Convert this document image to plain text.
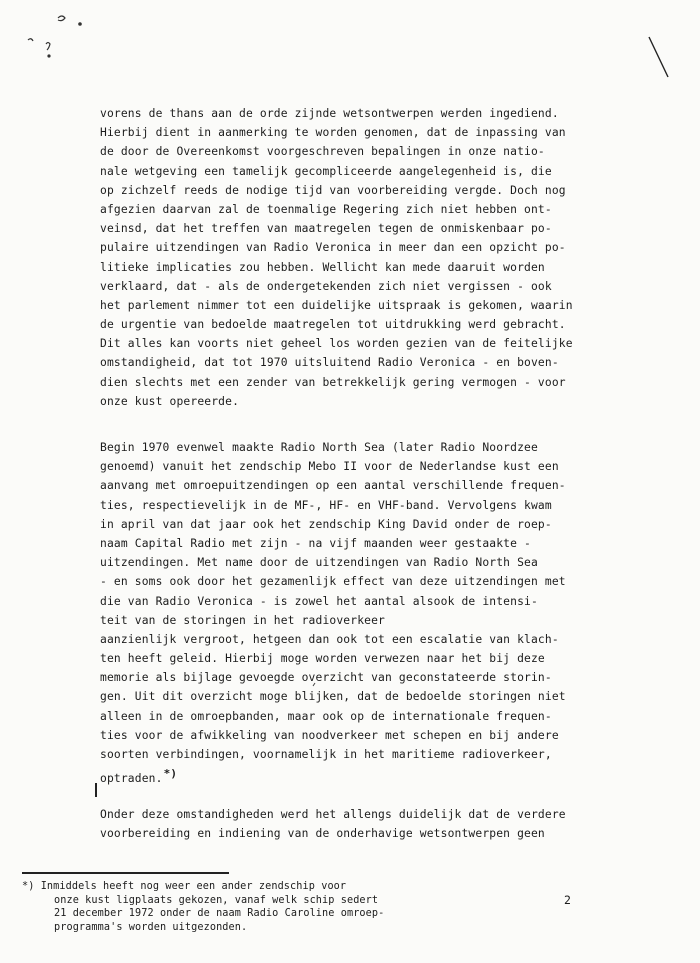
vorens de thans aan de orde zijnde wetsontwerpen werden ingediend.
Hierbij dient in aanmerking te worden genomen, dat de inpassing van
de door de Overeenkomst voorgeschreven bepalingen in onze natio-
nale wetgeving een tamelijk gecompliceerde aangelegenheid is, die
op zichzelf reeds de nodige tijd van voorbereiding vergde. Doch nog
afgezien daarvan zal de toenmalige Regering zich niet hebben ont-
veinsd, dat het treffen van maatregelen tegen de onmiskenbaar po-
pulaire uitzendingen van Radio Veronica in meer dan een opzicht po-
litieke implicaties zou hebben. Wellicht kan mede daaruit worden
verklaard, dat - als de ondergetekenden zich niet vergissen - ook
het parlement nimmer tot een duidelijke uitspraak is gekomen, waarin
de urgentie van bedoelde maatregelen tot uitdrukking werd gebracht.
Dit alles kan voorts niet geheel los worden gezien van de feitelijke
omstandigheid, dat tot 1970 uitsluitend Radio Veronica - en boven-
dien slechts met een zender van betrekkelijk gering vermogen - voor
onze kust opereerde.
Begin 1970 evenwel maakte Radio North Sea (later Radio Noordzee
genoemd) vanuit het zendschip Mebo II voor de Nederlandse kust een
aanvang met omroepuitzendingen op een aantal verschillende frequen-
ties, respectievelijk in de MF-, HF- en VHF-band. Vervolgens kwam
in april van dat jaar ook het zendschip King David onder de roep-
naam Capital Radio met zijn - na vijf maanden weer gestaakte -
uitzendingen. Met name door de uitzendingen van Radio North Sea
- en soms ook door het gezamenlijk effect van deze uitzendingen met
die van Radio Veronica - is zowel het aantal alsook de intensi-
teit van de storingen in het radioverkeer
aanzienlijk vergroot, hetgeen dan ook tot een escalatie van klach-
ten heeft geleid. Hierbij moge worden verwezen naar het bij deze
memorie als bijlage gevoegde overzicht van geconstateerde storin-
gen. Uit dit overzicht moge blijken, dat de bedoelde storingen niet
alleen in de omroepbanden, maar ook op de internationale frequen-
ties voor de afwikkeling van noodverkeer met schepen en bij andere
soorten verbindingen, voornamelijk in het maritieme radioverkeer,
optraden.*)
Onder deze omstandigheden werd het allengs duidelijk dat de verdere
voorbereiding en indiening van de onderhavige wetsontwerpen geen
*) Inmiddels heeft nog weer een ander zendschip voor
onze kust ligplaats gekozen, vanaf welk schip sedert
21 december 1972 onder de naam Radio Caroline omroep-
programma's worden uitgezonden.
2
